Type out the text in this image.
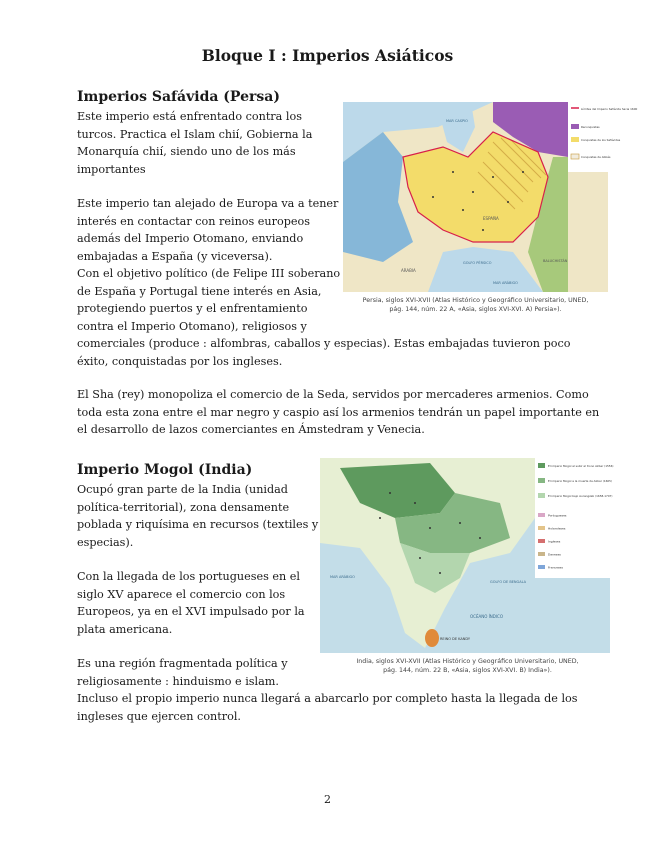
Bloque I : Imperios Asiáticos
Imperios Safávida (Persa)
Este imperio está enfrentado contra los
turcos. Practica el Islam chií, Gobierna la
Monarquía chií, siendo uno de los más
importantes
Este imperio tan alejado de Europa va a tener
interés en contactar con reinos europeos
además del Imperio Otomano, enviando
embajadas a España (y viceversa).
Con el objetivo político (de Felipe III soberano
de España y Portugal tiene interés en Asia,
protegiendo puertos y el enfrentamiento
contra el Imperio Otomano), religiosos y
comerciales (produce : alfombras, caballos y especias). Estas embajadas tuvieron poco
éxito, conquistadas por los ingleses.
El Sha (rey) monopoliza el comercio de la Seda, servidos por mercaderes armenios. Como
toda esta zona entre el mar negro y caspio así los armenios tendrán un papel importante en
el desarrollo de lazos comerciantes en Ámstedram y Venecia.
Límites del Imperio Safávida hacia 1600
Reconquistas
Conquistas de los Safávidas
Conquistas de Abbás
ESPAÑA
ARABIA
MAR CASPIO
GOLFO PÉRSICO
MAR ARÁBIGO
BALUCHISTÁN
Persia, siglos XVI-XVII (Atlas Histórico y Geográfico Universitario, UNED,
pág. 144, núm. 22 A, «Asia, siglos XVI-XVI. A) Persia»).
Imperio Mogol (India)
Ocupó gran parte de la India (unidad
política-territorial), zona densamente
poblada y riquísima en recursos (textiles y
especias).
Con la llegada de los portugueses en el
siglo XV aparece el comercio con los
Europeos, ya en el XVI impulsado por la
plata americana.
Es una región fragmentada política y
religiosamente : hinduismo e islam.
Incluso el propio imperio nunca llegará a abarcarlo por completo hasta la llegada de los
ingleses que ejercen control.
El imperio Mogol al subir al trono Akbar (1556)
El imperio Mogol a la muerte de Akbar (1605)
El imperio Mogol bajo Aurangzeb (1658-1707)
Portugueses
Holandeses
Ingleses
Daneses
Franceses
REINO DE KANDY
OCÉANO ÍNDICO
GOLFO DE BENGALA
MAR ARÁBIGO
India, siglos XVI-XVII (Atlas Histórico y Geográfico Universitario, UNED,
pág. 144, núm. 22 B, «Asia, siglos XVI-XVI. B) India»).
2
